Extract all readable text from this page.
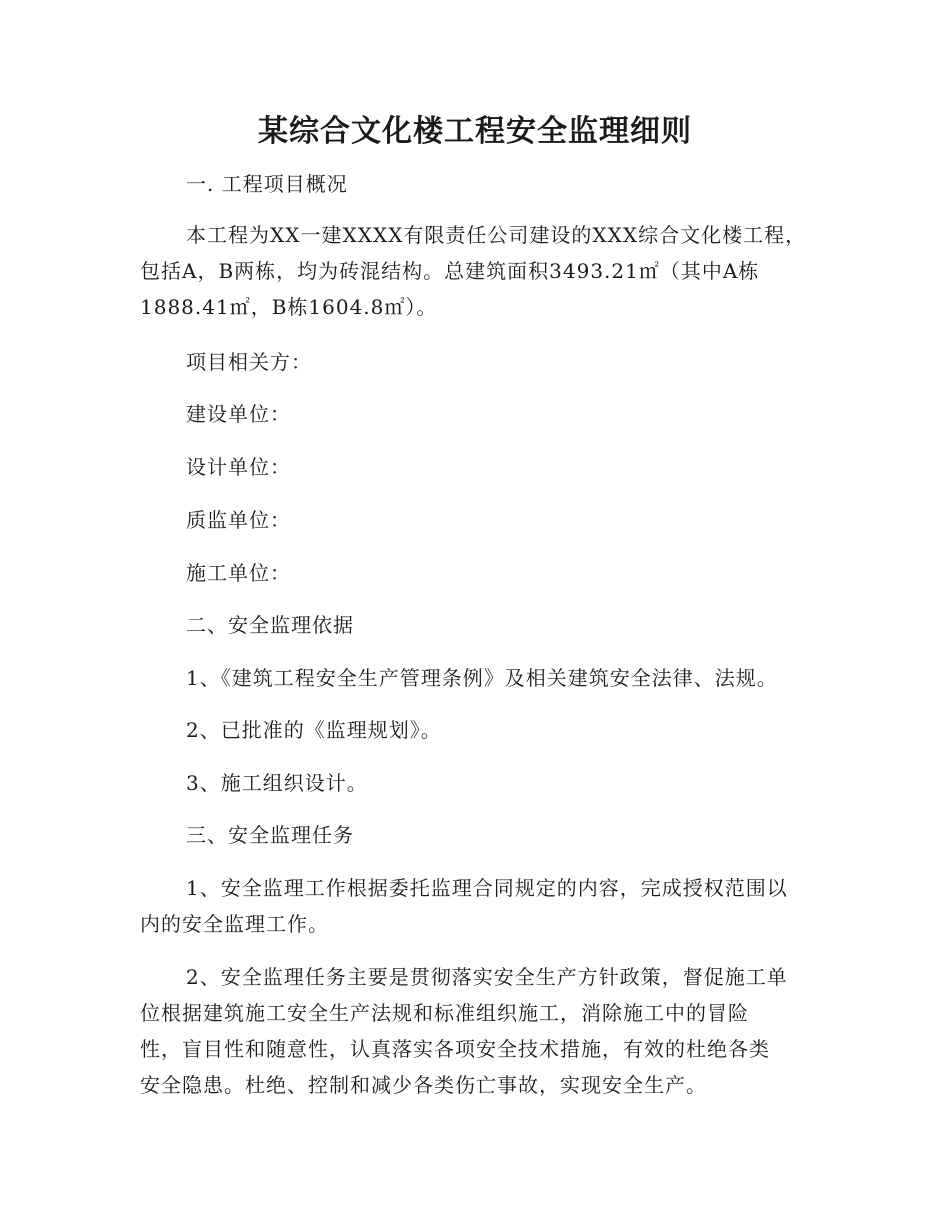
某综合文化楼工程安全监理细则
一. 工程项目概况
本工程为XX一建XXXX有限责任公司建设的XXX综合文化楼工程，
包括A，B两栋，均为砖混结构。总建筑面积3493.21㎡（其中A栋
1888.41㎡，B栋1604.8㎡）。
项目相关方：
建设单位：
设计单位：
质监单位：
施工单位：
二、安全监理依据
1、《建筑工程安全生产管理条例》及相关建筑安全法律、法规。
2、已批准的《监理规划》。
3、施工组织设计。
三、安全监理任务
1、安全监理工作根据委托监理合同规定的内容，完成授权范围以
内的安全监理工作。
2、安全监理任务主要是贯彻落实安全生产方针政策，督促施工单
位根据建筑施工安全生产法规和标准组织施工，消除施工中的冒险
性，盲目性和随意性，认真落实各项安全技术措施，有效的杜绝各类
安全隐患。杜绝、控制和减少各类伤亡事故，实现安全生产。
